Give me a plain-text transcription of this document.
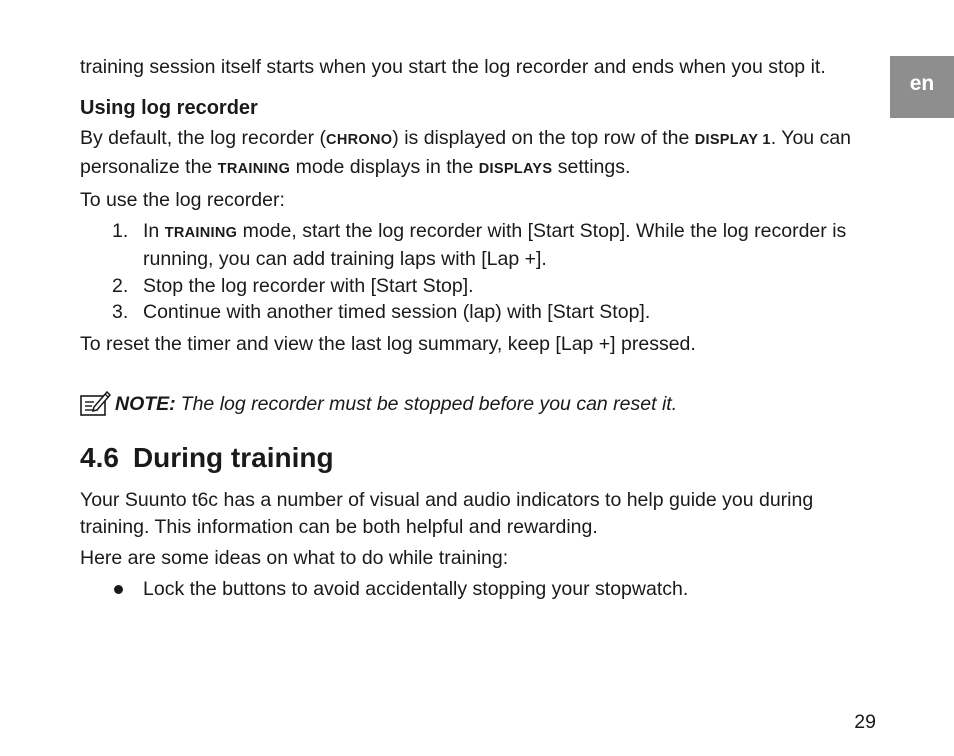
en

training session itself starts when you start the log recorder and ends when you stop it.

Using log recorder

By default, the log recorder (CHRONO) is displayed on the top row of the DISPLAY 1. You can personalize the TRAINING mode displays in the DISPLAYS settings.

To use the log recorder:

1. In TRAINING mode, start the log recorder with [Start Stop]. While the log recorder is running, you can add training laps with [Lap +].
2. Stop the log recorder with [Start Stop].
3. Continue with another timed session (lap) with [Start Stop].

To reset the timer and view the last log summary, keep [Lap +] pressed.

NOTE: The log recorder must be stopped before you can reset it.
4.6 During training

Your Suunto t6c has a number of visual and audio indicators to help guide you during training. This information can be both helpful and rewarding.

Here are some ideas on what to do while training:

Lock the buttons to avoid accidentally stopping your stopwatch.
29
